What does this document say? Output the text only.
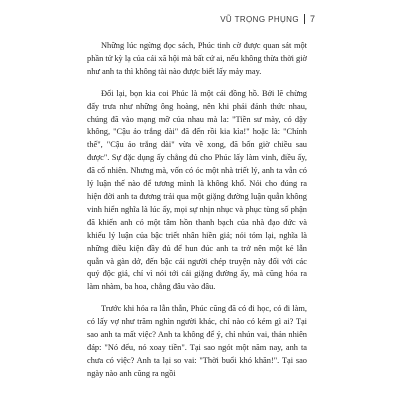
VŨ TRỌNG PHỤNG 7

Những lúc ngừng đọc sách, Phúc tinh cờ được quan sát một phần tử kỳ lạ của cái xã hội mà bất cứ ai, nếu không thừa thời giờ như anh ta thì không tài nào được biết lấy mảy may.

Đối lại, bọn kia coi Phúc là một cái đồng hồ. Bởi lẽ chừng đấy trưa như những ông hoàng, nên khi phải đánh thức nhau, chúng đã vào mạng mỡ của nhau mà la: "Tiền sư mày, có dậy không, "Cậu ảo trắng dài" đã đến rồi kia kìa!" hoặc là: "Chính thế", "Cậu ảo trắng dài" vừa về xong, đã bốn giờ chiều sau được". Sự đặc dụng ấy chẳng đủ cho Phúc lấy làm vinh, điều ấy, đã cố nhiên. Nhưng mà, vốn có óc một nhà triết lý, anh ta vẫn có lý luận thế nào để tương mình là không khổ. Nói cho đúng ra hiện đời anh ta đương trải qua một giặng đường luận quẫn không vinh hiển nghĩa là lúc ấy, mọi sự nhịn nhục và phục tùng số phận đã khiến anh có một tâm hồn thanh bạch của nhà đạo đức và khiếu lý luận của bậc triết nhân hiền giả; nói tóm lại, nghĩa là những điều kiện đầy đủ để hun đúc anh ta trở nên một kẻ lẫn quẫn và gàn dở, đến bậc cái người chép truyện này đối với các quý độc giả, chỉ vì nói tới cái giặng đường ấy, mà cũng hóa ra làm nhàm, ba hoa, chẳng đâu vào đâu.

Trước khi hóa ra lẫn thẫn, Phúc cũng đã có đi học, có đi làm, có lấy vợ như trăm nghìn người khác, chỉ nào có kém gì ai? Tại sao anh ta mất việc? Anh ta không để ý, chỉ nhún vai, thản nhiên đáp: "Nó đểu, nó xoay tiền". Tại sao ngót một năm nay, anh ta chưa có việc? Anh ta lại so vai: "Thời buổi khó khăn!". Tại sao ngày nào anh cũng ra ngồi
